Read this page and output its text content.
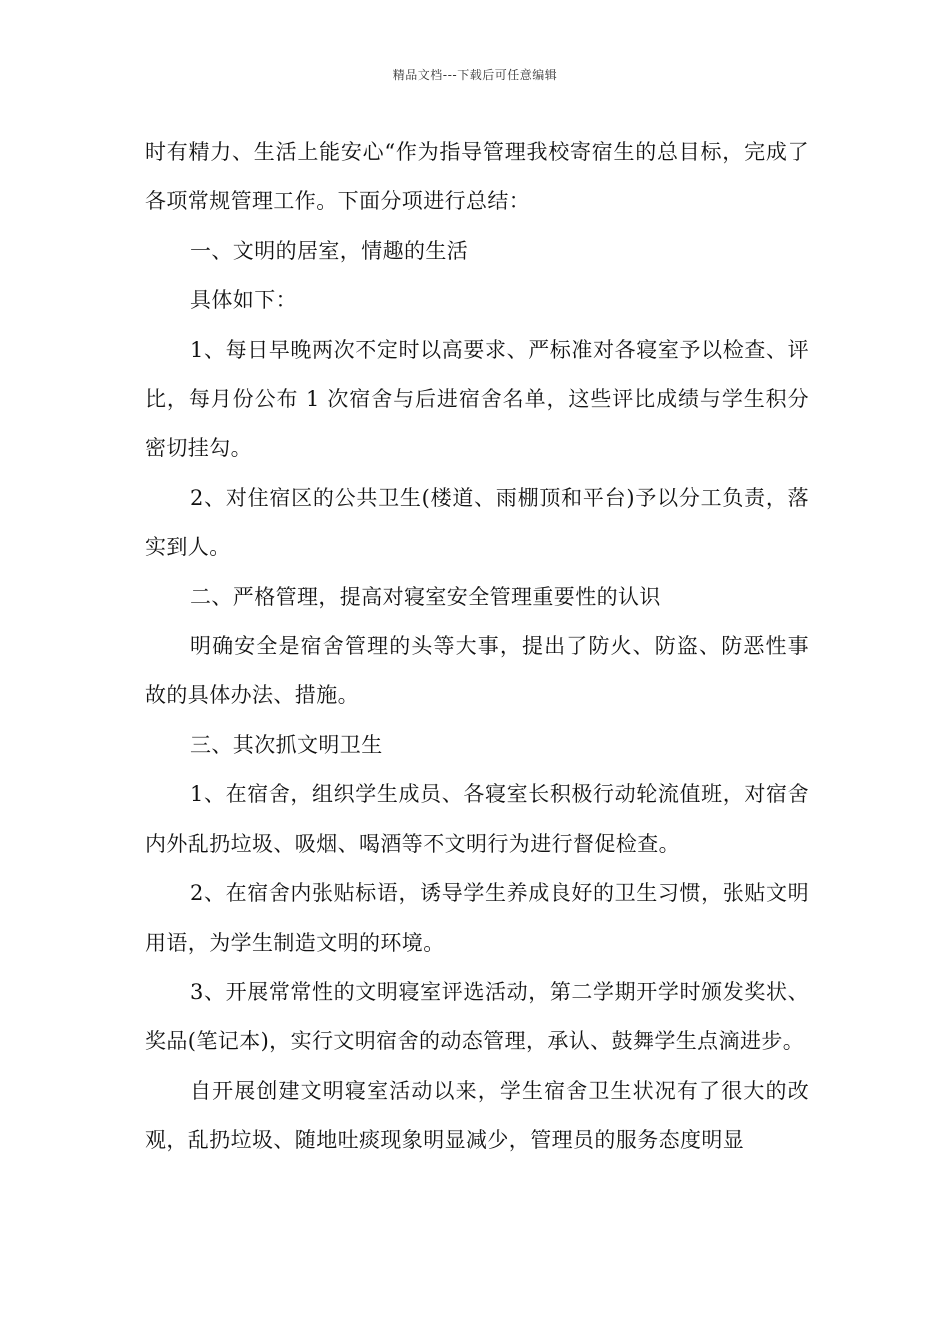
精品文档---下载后可任意编辑

时有精力、生活上能安心“作为指导管理我校寄宿生的总目标，完成了各项常规管理工作。下面分项进行总结：

一、文明的居室，情趣的生活

具体如下：

1、每日早晚两次不定时以高要求、严标准对各寝室予以检查、评比，每月份公布 1 次宿舍与后进宿舍名单，这些评比成绩与学生积分密切挂勾。

2、对住宿区的公共卫生(楼道、雨棚顶和平台)予以分工负责，落实到人。

二、严格管理，提高对寝室安全管理重要性的认识

明确安全是宿舍管理的头等大事，提出了防火、防盗、防恶性事故的具体办法、措施。

三、其次抓文明卫生

1、在宿舍，组织学生成员、各寝室长积极行动轮流值班，对宿舍内外乱扔垃圾、吸烟、喝酒等不文明行为进行督促检查。

2、在宿舍内张贴标语，诱导学生养成良好的卫生习惯，张贴文明用语，为学生制造文明的环境。

3、开展常常性的文明寝室评选活动，第二学期开学时颁发奖状、奖品(笔记本)，实行文明宿舍的动态管理，承认、鼓舞学生点滴进步。

自开展创建文明寝室活动以来，学生宿舍卫生状况有了很大的改观，乱扔垃圾、随地吐痰现象明显减少，管理员的服务态度明显
